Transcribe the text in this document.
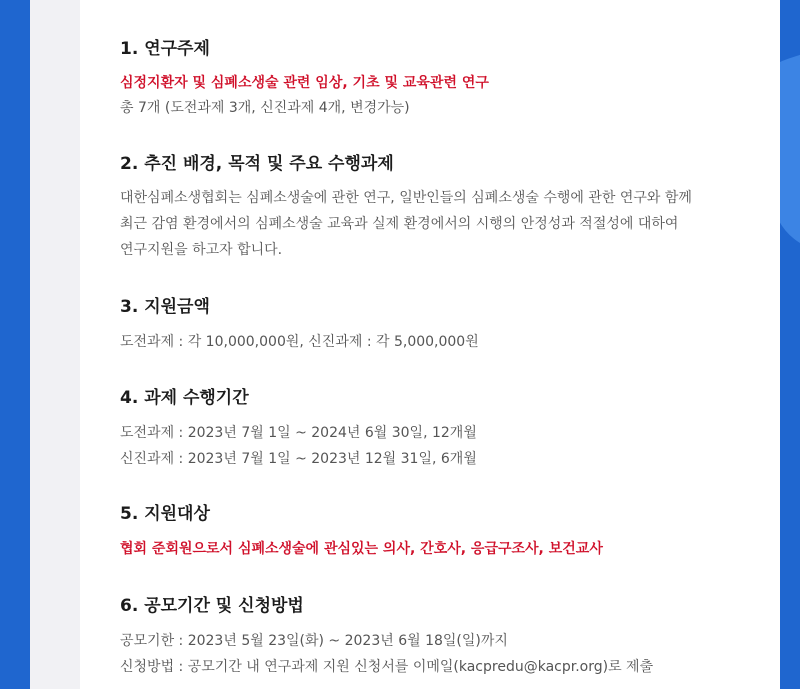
1. 연구주제

심정지환자 및 심폐소생술 관련 임상, 기초 및 교육관련 연구

총 7개 (도전과제 3개, 신진과제 4개, 변경가능)

2. 추진 배경, 목적 및 주요 수행과제

대한심폐소생협회는 심폐소생술에 관한 연구, 일반인들의 심폐소생술 수행에 관한 연구와 함께

최근 감염 환경에서의 심폐소생술 교육과 실제 환경에서의 시행의 안정성과 적절성에 대하여

연구지원을 하고자 합니다.

3. 지원금액

도전과제 : 각 10,000,000원, 신진과제 : 각 5,000,000원

4. 과제 수행기간

도전과제 : 2023년 7월 1일 ~ 2024년 6월 30일, 12개월

신진과제 : 2023년 7월 1일 ~ 2023년 12월 31일, 6개월

5. 지원대상

협회 준회원으로서 심폐소생술에 관심있는 의사, 간호사, 응급구조사, 보건교사

6. 공모기간 및 신청방법

공모기한 : 2023년 5월 23일(화) ~ 2023년 6월 18일(일)까지

신청방법 : 공모기간 내 연구과제 지원 신청서를 이메일(kacpredu@kacpr.org)로 제출
